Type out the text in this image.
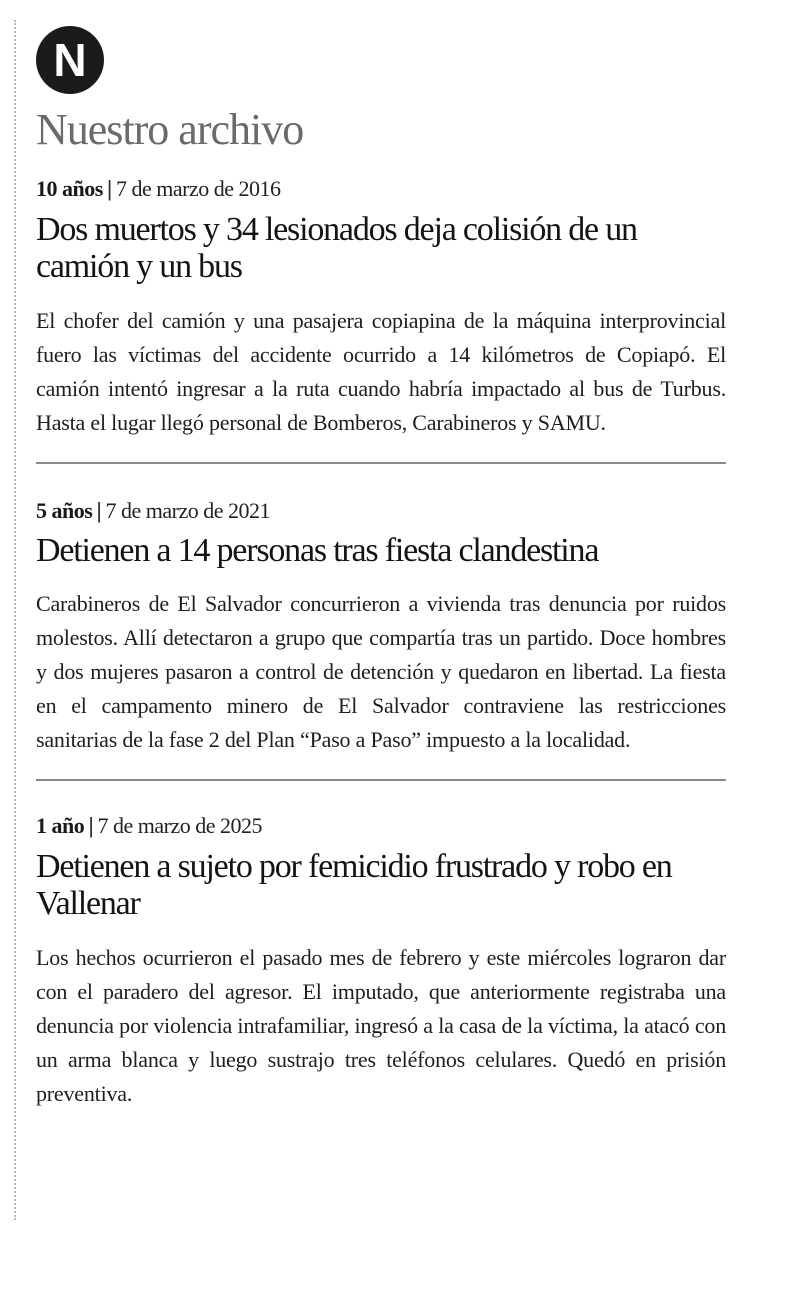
N
Nuestro archivo
10 años | 7 de marzo de 2016
Dos muertos y 34 lesionados deja colisión de un camión y un bus

El chofer del camión y una pasajera copiapina de la máquina interprovincial fuero las víctimas del accidente ocurrido a 14 kilómetros de Copiapó. El camión intentó ingresar a la ruta cuando habría impactado al bus de Turbus. Hasta el lugar llegó personal de Bomberos, Carabineros y SAMU.

5 años | 7 de marzo de 2021
Detienen a 14 personas tras fiesta clandestina

Carabineros de El Salvador concurrieron a vivienda tras denuncia por ruidos molestos. Allí detectaron a grupo que compartía tras un partido. Doce hombres y dos mujeres pasaron a control de detención y quedaron en libertad. La fiesta en el campamento minero de El Salvador contraviene las restricciones sanitarias de la fase 2 del Plan “Paso a Paso” impuesto a la localidad.

1 año | 7 de marzo de 2025
Detienen a sujeto por femicidio frustrado y robo en Vallenar

Los hechos ocurrieron el pasado mes de febrero y este miércoles lograron dar con el paradero del agresor. El imputado, que anteriormente registraba una denuncia por violencia intrafamiliar, ingresó a la casa de la víctima, la atacó con un arma blanca y luego sustrajo tres teléfonos celulares. Quedó en prisión preventiva.
